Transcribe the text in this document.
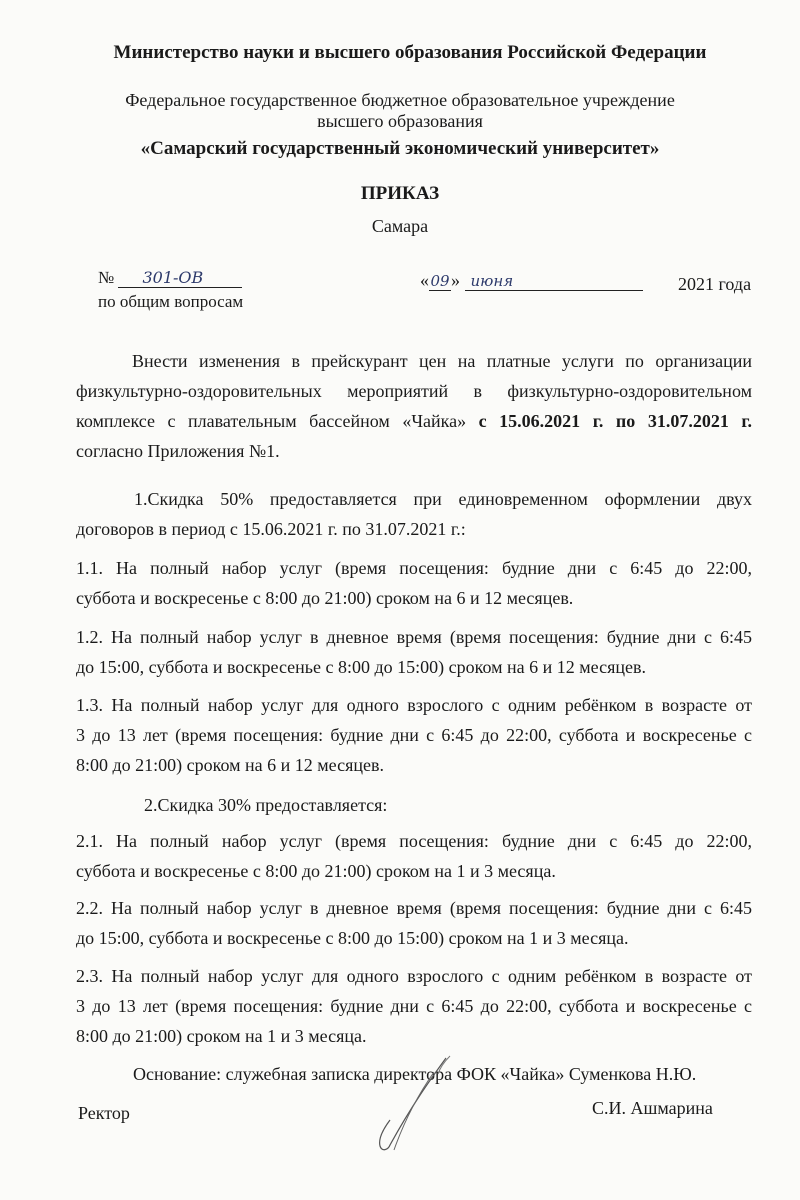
Министерство науки и высшего образования Российской Федерации
Федеральное государственное бюджетное образовательное учреждение
высшего образования
«Самарский государственный экономический университет»
ПРИКАЗ
Самара
№ 301-ОВ
по общим вопросам
«09» июня	2021 года
Внести изменения в прейскурант цен на платные услуги по организации
физкультурно-оздоровительных мероприятий в физкультурно-оздоровительном
комплексе с плавательным бассейном «Чайка» с 15.06.2021 г. по 31.07.2021 г.
согласно Приложения №1.
1.Скидка 50% предоставляется при единовременном оформлении двух
договоров в период с 15.06.2021 г. по 31.07.2021 г.:
1.1. На полный набор услуг (время посещения: будние дни с 6:45 до 22:00,
суббота и воскресенье с 8:00 до 21:00) сроком на 6 и 12 месяцев.
1.2. На полный набор услуг в дневное время (время посещения: будние дни с 6:45
до 15:00, суббота и воскресенье с 8:00 до 15:00) сроком на 6 и 12 месяцев.
1.3. На полный набор услуг для одного взрослого с одним ребёнком в возрасте от
3 до 13 лет (время посещения: будние дни с 6:45 до 22:00, суббота и воскресенье с
8:00 до 21:00) сроком на 6 и 12 месяцев.
2.Скидка 30% предоставляется:
2.1. На полный набор услуг (время посещения: будние дни с 6:45 до 22:00,
суббота и воскресенье с 8:00 до 21:00) сроком на 1 и 3 месяца.
2.2. На полный набор услуг в дневное время (время посещения: будние дни с 6:45
до 15:00, суббота и воскресенье с 8:00 до 15:00) сроком на 1 и 3 месяца.
2.3. На полный набор услуг для одного взрослого с одним ребёнком в возрасте от
3 до 13 лет (время посещения: будние дни с 6:45 до 22:00, суббота и воскресенье с
8:00 до 21:00) сроком на 1 и 3 месяца.
Основание: служебная записка директора ФОК «Чайка» Суменкова Н.Ю.
Ректор	С.И. Ашмарина
